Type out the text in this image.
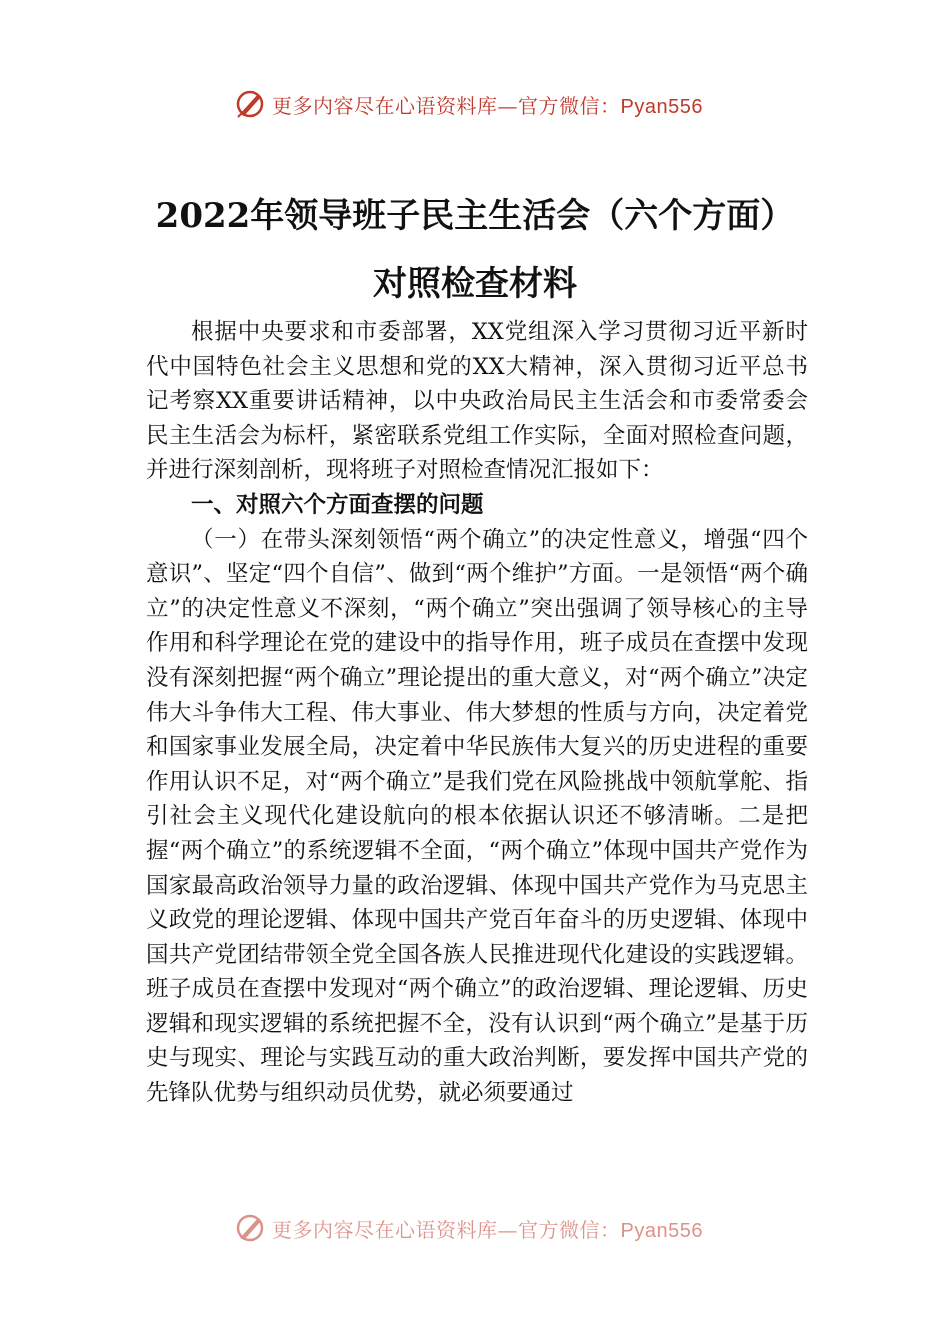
更多内容尽在心语资料库—官方微信：Pyan556
2022年领导班子民主生活会（六个方面）
对照检查材料

根据中央要求和市委部署，XX党组深入学习贯彻习近平新时代中国特色社会主义思想和党的XX大精神，深入贯彻习近平总书记考察XX重要讲话精神，以中央政治局民主生活会和市委常委会民主生活会为标杆，紧密联系党组工作实际，全面对照检查问题，并进行深刻剖析，现将班子对照检查情况汇报如下：

一、对照六个方面查摆的问题

（一）在带头深刻领悟“两个确立”的决定性意义，增强“四个意识”、坚定“四个自信”、做到“两个维护”方面。一是领悟“两个确立”的决定性意义不深刻，“两个确立”突出强调了领导核心的主导作用和科学理论在党的建设中的指导作用，班子成员在查摆中发现没有深刻把握“两个确立”理论提出的重大意义，对“两个确立”决定伟大斗争伟大工程、伟大事业、伟大梦想的性质与方向，决定着党和国家事业发展全局，决定着中华民族伟大复兴的历史进程的重要作用认识不足，对“两个确立”是我们党在风险挑战中领航掌舵、指引社会主义现代化建设航向的根本依据认识还不够清晰。二是把握“两个确立”的系统逻辑不全面，“两个确立”体现中国共产党作为国家最高政治领导力量的政治逻辑、体现中国共产党作为马克思主义政党的理论逻辑、体现中国共产党百年奋斗的历史逻辑、体现中国共产党团结带领全党全国各族人民推进现代化建设的实践逻辑。班子成员在查摆中发现对“两个确立”的政治逻辑、理论逻辑、历史逻辑和现实逻辑的系统把握不全，没有认识到“两个确立”是基于历史与现实、理论与实践互动的重大政治判断，要发挥中国共产党的先锋队优势与组织动员优势，就必须要通过

更多内容尽在心语资料库—官方微信：Pyan556
